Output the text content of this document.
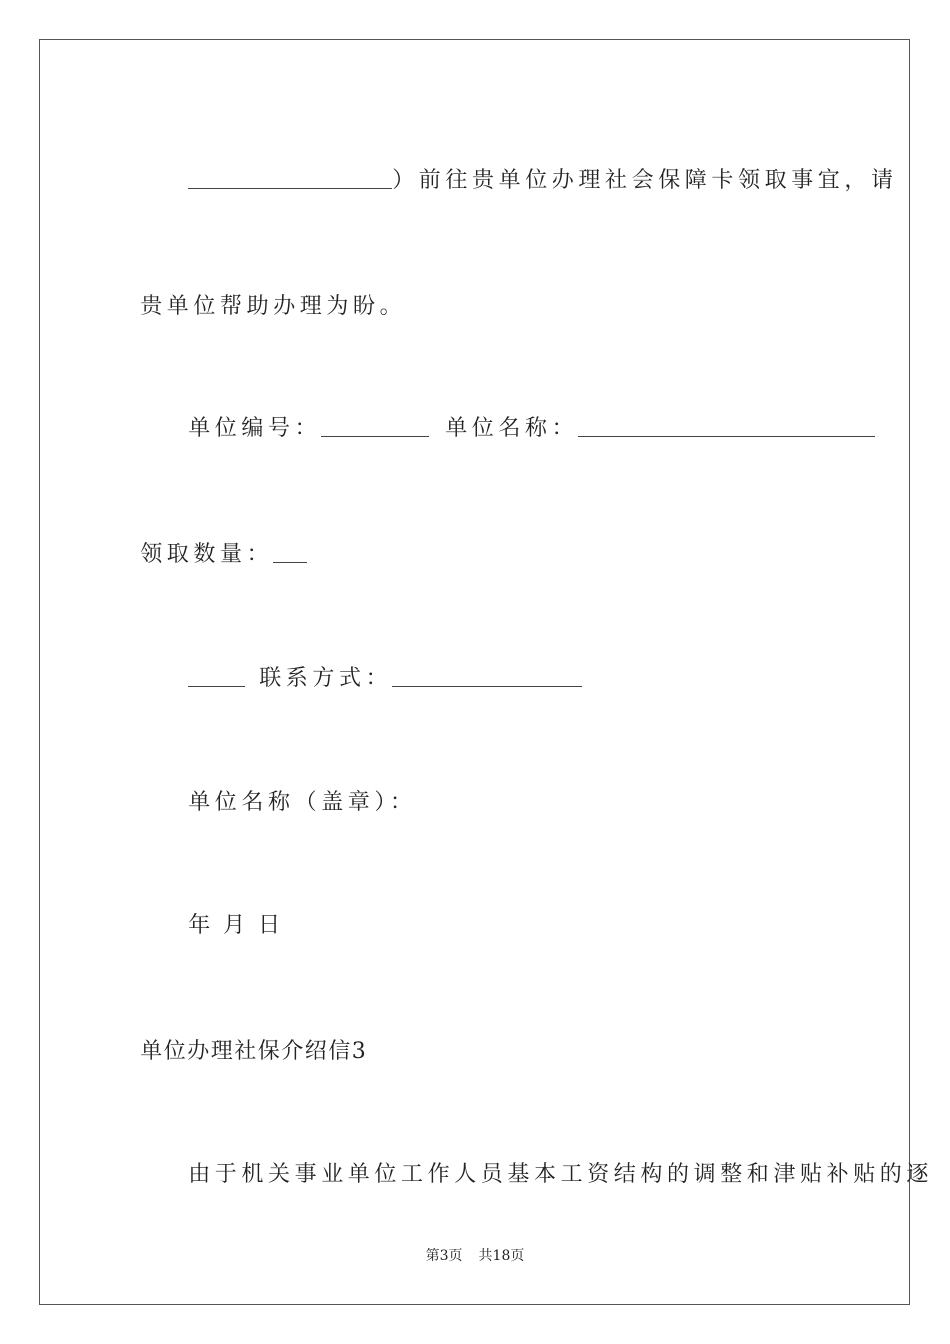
）前往贵单位办理社会保障卡领取事宜，请

贵单位帮助办理为盼。

单位编号：	单位名称：

领取数量：

联系方式：

单位名称（盖章）：

年 月 日

单位办理社保介绍信3

由于机关事业单位工作人员基本工资结构的调整和津贴补贴的逐

第3页 共18页
